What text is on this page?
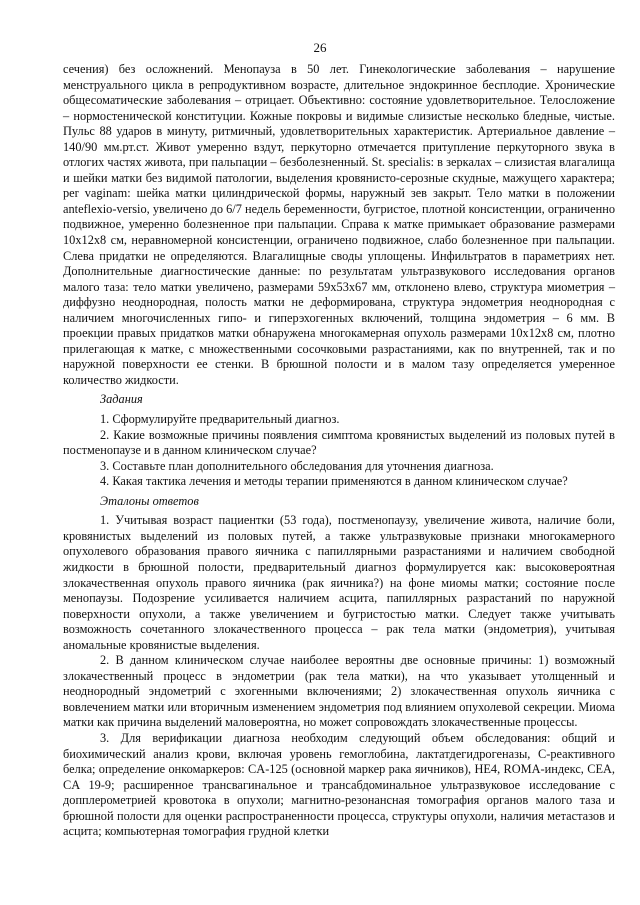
26

сечения) без осложнений. Менопауза в 50 лет. Гинекологические заболевания – нарушение менструального цикла в репродуктивном возрасте, длительное эндокринное бесплодие. Хронические общесоматические заболевания – отрицает. Объективно: состояние удовлетворительное. Телосложение – нормостенической конституции. Кожные покровы и видимые слизистые несколько бледные, чистые. Пульс 88 ударов в минуту, ритмичный, удовлетворительных характеристик. Артериальное давление – 140/90 мм.рт.ст. Живот умеренно вздут, перкуторно отмечается притупление перкуторного звука в отлогих частях живота, при пальпации – безболезненный. St. specialis: в зеркалах – слизистая влагалища и шейки матки без видимой патологии, выделения кровянисто-серозные скудные, мажущего характера; per vaginam: шейка матки цилиндрической формы, наружный зев закрыт. Тело матки в положении anteflexio-versio, увеличено до 6/7 недель беременности, бугристое, плотной консистенции, ограниченно подвижное, умеренно болезненное при пальпации. Справа к матке примыкает образование размерами 10x12x8 см, неравномерной консистенции, ограничено подвижное, слабо болезненное при пальпации. Слева придатки не определяются. Влагалищные своды уплощены. Инфильтратов в параметриях нет. Дополнительные диагностические данные: по результатам ультразвукового исследования органов малого таза: тело матки увеличено, размерами 59x53x67 мм, отклонено влево, структура миометрия – диффузно неоднородная, полость матки не деформирована, структура эндометрия неоднородная с наличием многочисленных гипо- и гиперэхогенных включений, толщина эндометрия – 6 мм. В проекции правых придатков матки обнаружена многокамерная опухоль размерами 10x12x8 см, плотно прилегающая к матке, с множественными сосочковыми разрастаниями, как по внутренней, так и по наружной поверхности ее стенки. В брюшной полости и в малом тазу определяется умеренное количество жидкости.

Задания

1. Сформулируйте предварительный диагноз.

2. Какие возможные причины появления симптома кровянистых выделений из половых путей в постменопаузе и в данном клиническом случае?

3. Составьте план дополнительного обследования для уточнения диагноза.

4. Какая тактика лечения и методы терапии применяются в данном клиническом случае?

Эталоны ответов

1. Учитывая возраст пациентки (53 года), постменопаузу, увеличение живота, наличие боли, кровянистых выделений из половых путей, а также ультразвуковые признаки многокамерного опухолевого образования правого яичника с папиллярными разрастаниями и наличием свободной жидкости в брюшной полости, предварительный диагноз формулируется как: высоковероятная злокачественная опухоль правого яичника (рак яичника?) на фоне миомы матки; состояние после менопаузы. Подозрение усиливается наличием асцита, папиллярных разрастаний по наружной поверхности опухоли, а также увеличением и бугристостью матки. Следует также учитывать возможность сочетанного злокачественного процесса – рак тела матки (эндометрия), учитывая аномальные кровянистые выделения.

2. В данном клиническом случае наиболее вероятны две основные причины: 1) возможный злокачественный процесс в эндометрии (рак тела матки), на что указывает утолщенный и неоднородный эндометрий с эхогенными включениями; 2) злокачественная опухоль яичника с вовлечением матки или вторичным изменением эндометрия под влиянием опухолевой секреции. Миома матки как причина выделений маловероятна, но может сопровождать злокачественные процессы.

3. Для верификации диагноза необходим следующий объем обследования: общий и биохимический анализ крови, включая уровень гемоглобина, лактатдегидрогеназы, С-реактивного белка; определение онкомаркеров: CA-125 (основной маркер рака яичников), HE4, ROMA-индекс, CEA, CA 19-9; расширенное трансвагинальное и трансабдоминальное ультразвуковое исследование с допплерометрией кровотока в опухоли; магнитно-резонансная томография органов малого таза и брюшной полости для оценки распространенности процесса, структуры опухоли, наличия метастазов и асцита; компьютерная томография грудной клетки
